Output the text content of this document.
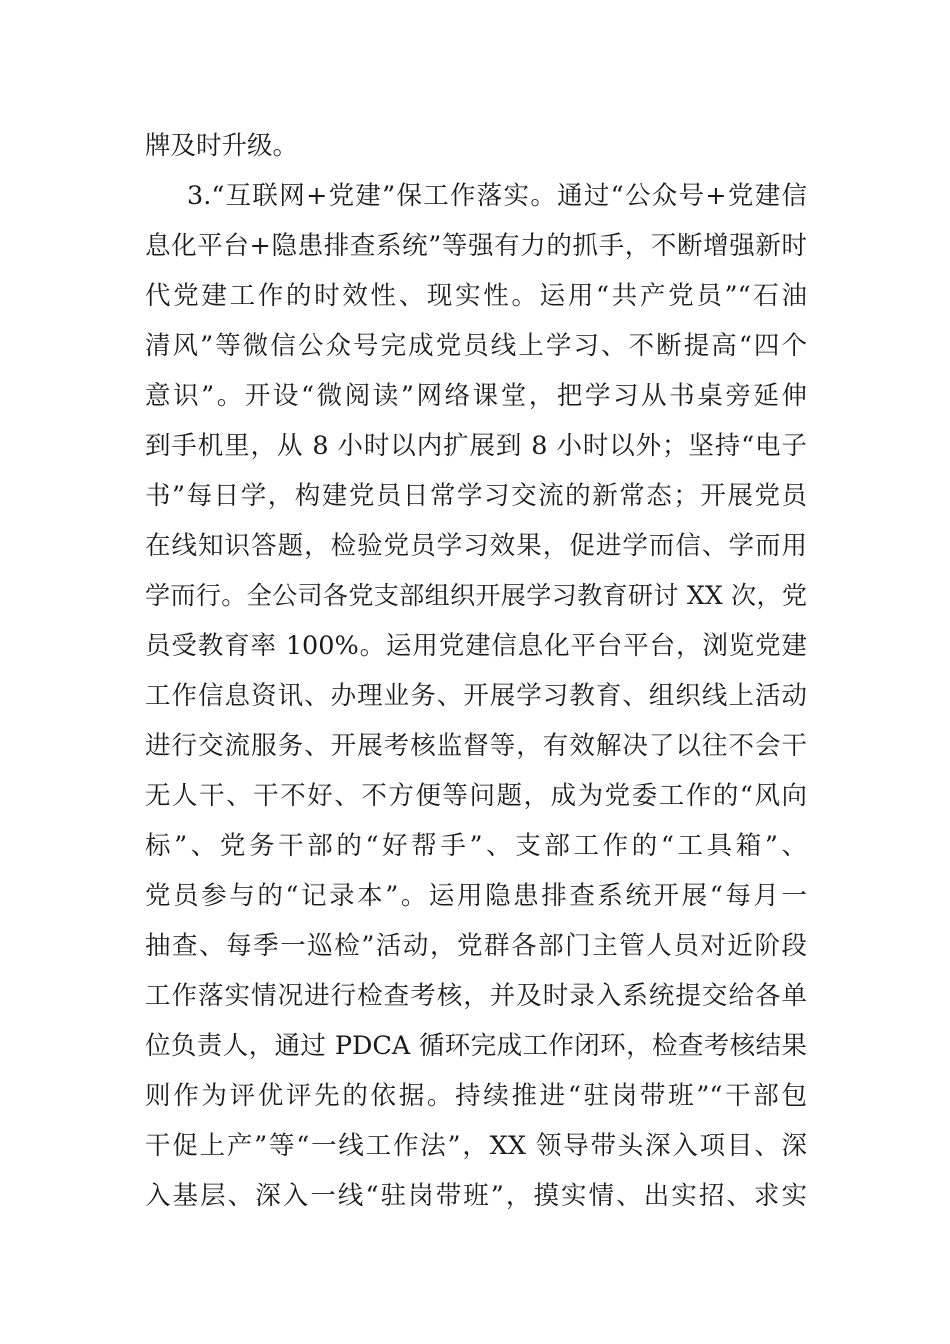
牌及时升级。
3.“互联网+党建”保工作落实。通过“公众号+党建信
息化平台+隐患排查系统”等强有力的抓手，不断增强新时
代党建工作的时效性、现实性。运用“共产党员”“石油
清风”等微信公众号完成党员线上学习、不断提高“四个
意识”。开设“微阅读”网络课堂，把学习从书桌旁延伸
到手机里，从 8 小时以内扩展到 8 小时以外；坚持“电子
书”每日学，构建党员日常学习交流的新常态；开展党员
在线知识答题，检验党员学习效果，促进学而信、学而用
学而行。全公司各党支部组织开展学习教育研讨 XX 次，党
员受教育率 100%。运用党建信息化平台平台，浏览党建
工作信息资讯、办理业务、开展学习教育、组织线上活动
进行交流服务、开展考核监督等，有效解决了以往不会干
无人干、干不好、不方便等问题，成为党委工作的“风向
标”、党务干部的“好帮手”、支部工作的“工具箱”、
党员参与的“记录本”。运用隐患排查系统开展“每月一
抽查、每季一巡检”活动，党群各部门主管人员对近阶段
工作落实情况进行检查考核，并及时录入系统提交给各单
位负责人，通过 PDCA 循环完成工作闭环，检查考核结果
则作为评优评先的依据。持续推进“驻岗带班”“干部包
干促上产”等“一线工作法”，XX 领导带头深入项目、深
入基层、深入一线“驻岗带班”，摸实情、出实招、求实
